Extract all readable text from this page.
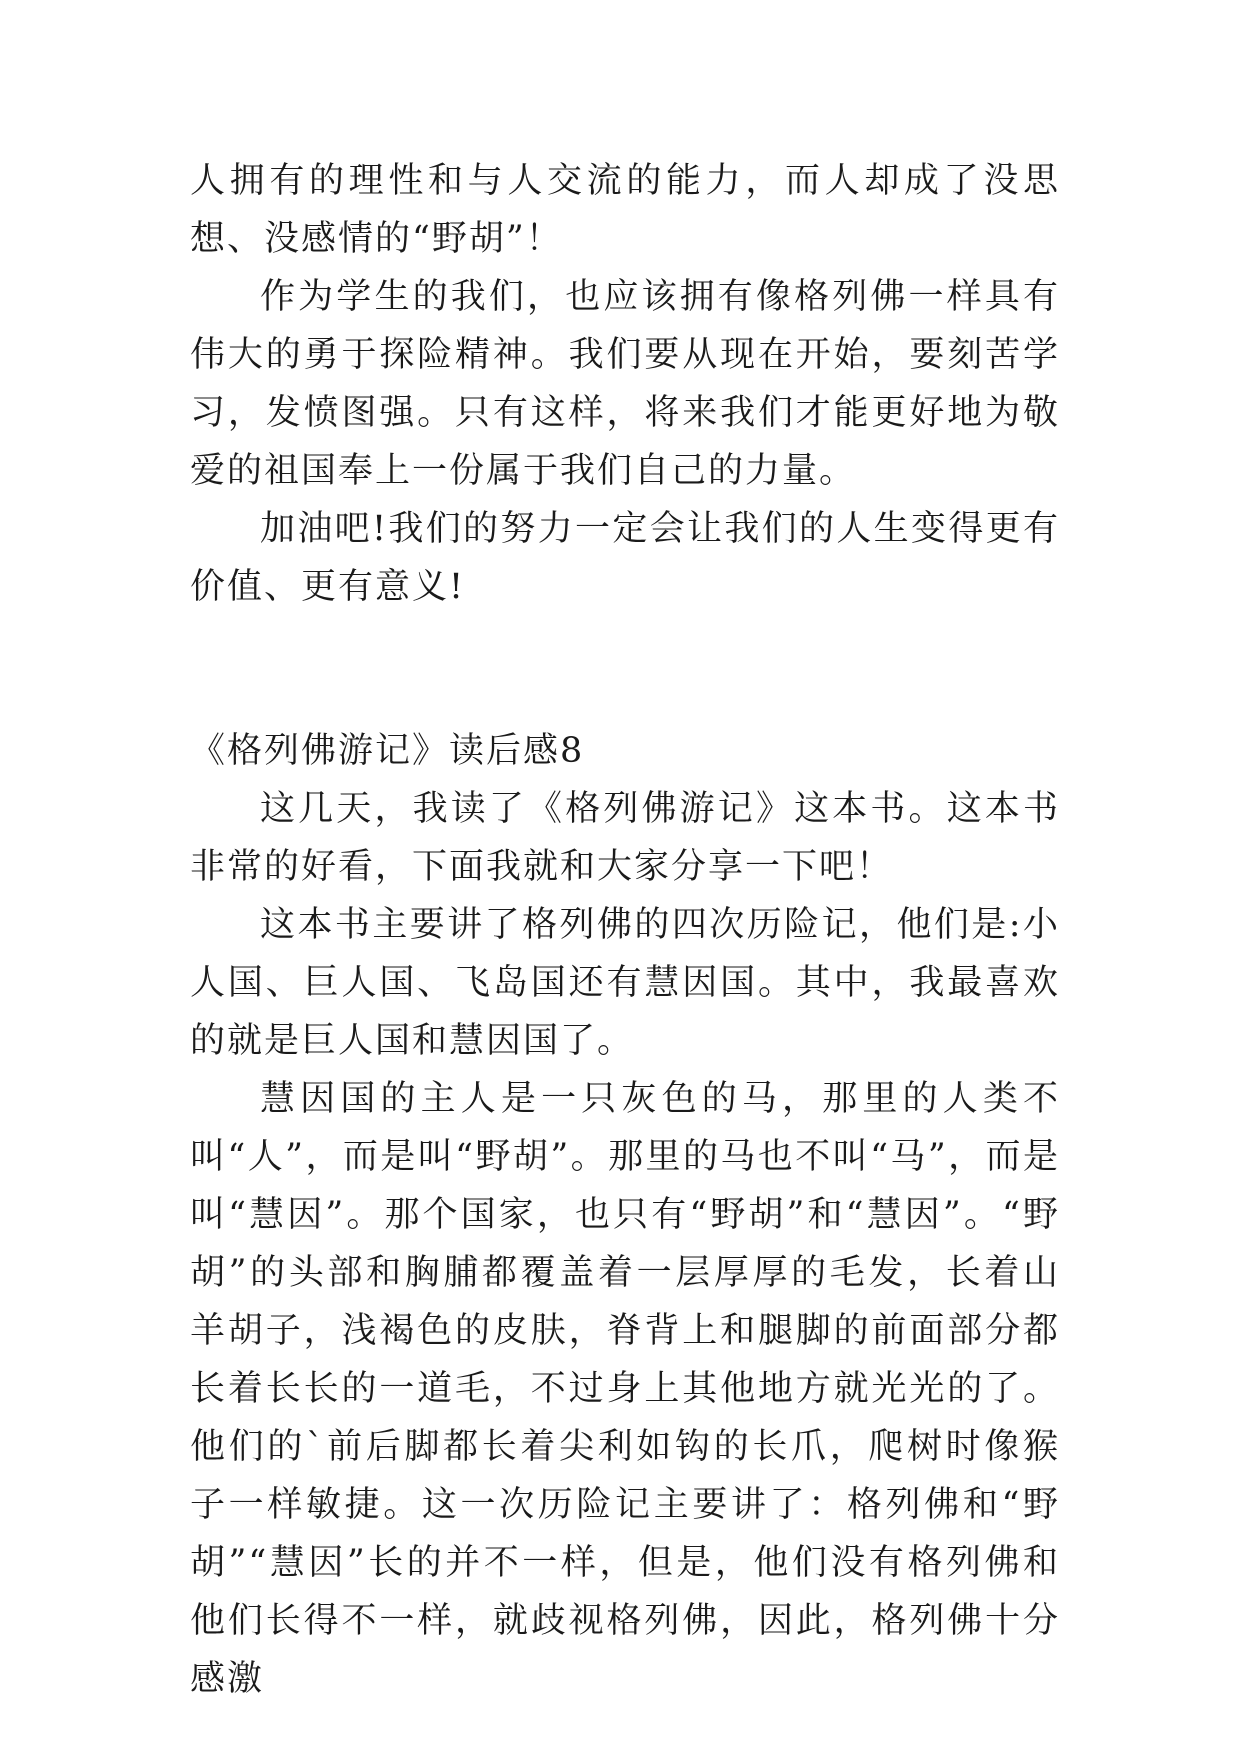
人拥有的理性和与人交流的能力，而人却成了没思想、没感情的“野胡”！

作为学生的我们，也应该拥有像格列佛一样具有伟大的勇于探险精神。我们要从现在开始，要刻苦学习，发愤图强。只有这样，将来我们才能更好地为敬爱的祖国奉上一份属于我们自己的力量。

加油吧!我们的努力一定会让我们的人生变得更有价值、更有意义!

《格列佛游记》读后感8

这几天，我读了《格列佛游记》这本书。这本书非常的好看，下面我就和大家分享一下吧！

这本书主要讲了格列佛的四次历险记，他们是:小人国、巨人国、飞岛国还有慧因国。其中，我最喜欢的就是巨人国和慧因国了。

慧因国的主人是一只灰色的马，那里的人类不叫“人”，而是叫“野胡”。那里的马也不叫“马”，而是叫“慧因”。那个国家，也只有“野胡”和“慧因”。“野胡”的头部和胸脯都覆盖着一层厚厚的毛发，长着山羊胡子，浅褐色的皮肤，脊背上和腿脚的前面部分都长着长长的一道毛，不过身上其他地方就光光的了。他们的`前后脚都长着尖利如钩的长爪，爬树时像猴子一样敏捷。这一次历险记主要讲了：格列佛和“野胡”“慧因”长的并不一样，但是，他们没有格列佛和他们长得不一样，就歧视格列佛，因此，格列佛十分感激
